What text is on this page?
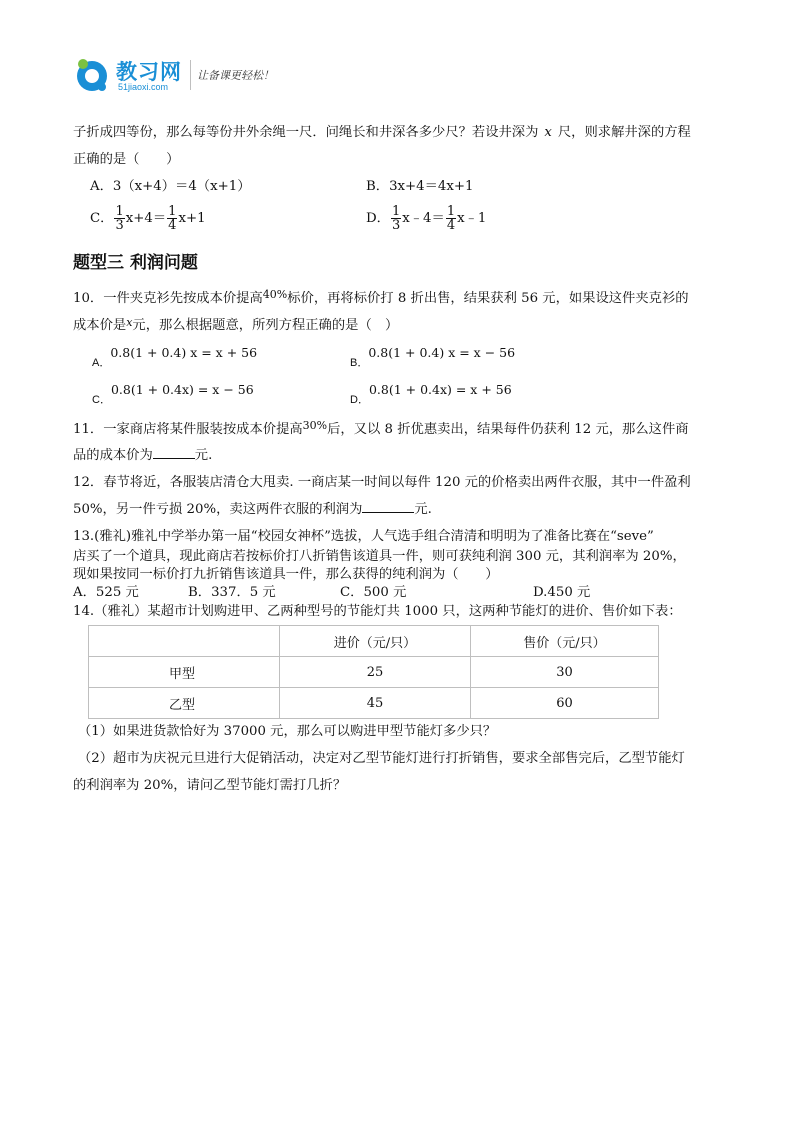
教习网
51jiaoxi.com
让备课更轻松！
子折成四等份，那么每等份井外余绳一尺．问绳长和井深各多少尺？若设井深为 x 尺，则求解井深的方程
正确的是（　　）
A．3（x+4）＝4（x+1）	B．3x+4＝4x+1
C． $\frac{1}{3} x+4= \frac{1}{4} x+1$	D． $\frac{1}{3}$ x﹣4＝ $\frac{1}{4}$ x﹣1
题型三 利润问题
10．一件夹克衫先按成本价提高$^{40\%}$标价，再将标价打 8 折出售，结果获利 56 元，如果设这件夹克衫的
成本价是$^x$元，那么根据题意，所列方程正确的是（　）
$_{A.}$0.8(1 + 0.4) x = x + 56
$_{B.}$0.8(1 + 0.4) x = x − 56
$_{C.}$0.8(1 + 0.4x) = x − 56
$_{D.}$0.8(1 + 0.4x) = x + 56
11．一家商店将某件服装按成本价提高$^{30\%}$后，又以 8 折优惠卖出，结果每件仍获利 12 元，那么这件商
品的成本价为	元.
12．春节将近，各服装店清仓大甩卖. 一商店某一时间以每件 120 元的价格卖出两件衣服，其中一件盈利
50%，另一件亏损 20%，卖这两件衣服的利润为	元.
13.(雅礼)雅礼中学举办第一届“校园女神杯”选拔，人气选手组合清清和明明为了准备比赛在“seve”
店买了一个道具，现此商店若按标价打八折销售该道具一件，则可获纯利润 300 元，其利润率为 20%，
现如果按同一标价打九折销售该道具一件，那么获得的纯利润为（　　）
A．525 元	B．337．5 元	C．500 元	D.450 元
14.（雅礼）某超市计划购进甲、乙两种型号的节能灯共 1000 只，这两种节能灯的进价、售价如下表：
	进价（元/只）	售价（元/只）
甲型	25	30
乙型	45	60
（1）如果进货款恰好为 37000 元，那么可以购进甲型节能灯多少只？
（2）超市为庆祝元旦进行大促销活动，决定对乙型节能灯进行打折销售，要求全部售完后，乙型节能灯
的利润率为 20%，请问乙型节能灯需打几折？
